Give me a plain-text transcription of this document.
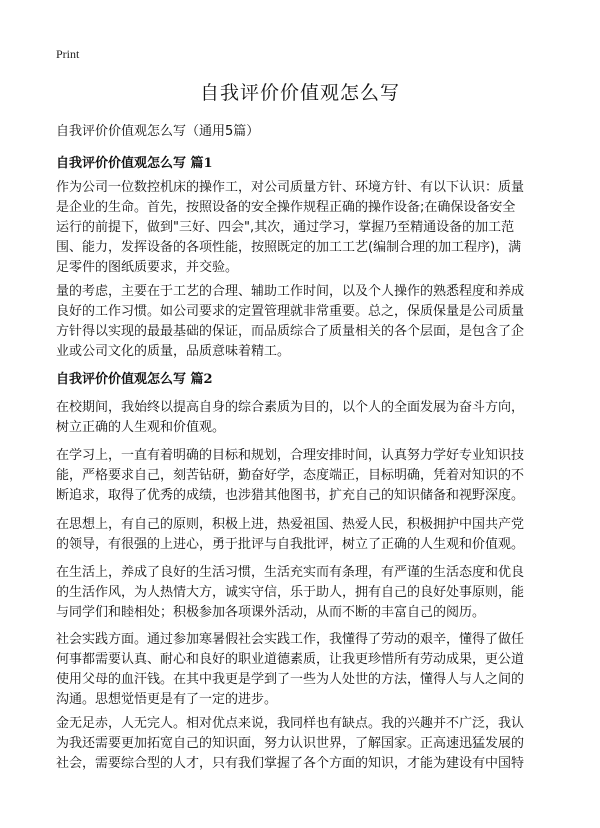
Print
自我评价价值观怎么写
自我评价价值观怎么写（通用5篇）
自我评价价值观怎么写 篇1
作为公司一位数控机床的操作工，对公司质量方针、环境方针、有以下认识：质量
是企业的生命。首先，按照设备的安全操作规程正确的操作设备;在确保设备安全
运行的前提下，做到"三好、四会",其次，通过学习，掌握乃至精通设备的加工范
围、能力，发挥设备的各项性能，按照既定的加工工艺(编制合理的加工程序)，满
足零件的图纸质要求，并交验。
量的考虑，主要在于工艺的合理、辅助工作时间，以及个人操作的熟悉程度和养成
良好的工作习惯。如公司要求的定置管理就非常重要。总之，保质保量是公司质量
方针得以实现的最最基础的保证，而品质综合了质量相关的各个层面，是包含了企
业或公司文化的质量，品质意味着精工。
自我评价价值观怎么写 篇2
在校期间，我始终以提高自身的综合素质为目的，以个人的全面发展为奋斗方向，
树立正确的人生观和价值观。
在学习上，一直有着明确的目标和规划，合理安排时间，认真努力学好专业知识技
能，严格要求自己，刻苦钻研，勤奋好学，态度端正，目标明确，凭着对知识的不
断追求，取得了优秀的成绩，也涉猎其他图书，扩充自己的知识储备和视野深度。
在思想上，有自己的原则，积极上进，热爱祖国、热爱人民，积极拥护中国共产党
的领导，有很强的上进心，勇于批评与自我批评，树立了正确的人生观和价值观。
在生活上，养成了良好的生活习惯，生活充实而有条理，有严谨的生活态度和优良
的生活作风，为人热情大方，诚实守信，乐于助人，拥有自己的良好处事原则，能
与同学们和睦相处；积极参加各项课外活动，从而不断的丰富自己的阅历。
社会实践方面。通过参加寒暑假社会实践工作，我懂得了劳动的艰辛，懂得了做任
何事都需要认真、耐心和良好的职业道德素质，让我更珍惜所有劳动成果，更公道
使用父母的血汗钱。在其中我更是学到了一些为人处世的方法，懂得人与人之间的
沟通。思想觉悟更是有了一定的进步。
金无足赤，人无完人。相对优点来说，我同样也有缺点。我的兴趣并不广泛，我认
为我还需要更加拓宽自己的知识面，努力认识世界，了解国家。正高速迅猛发展的
社会，需要综合型的人才，只有我们掌握了各个方面的知识，才能为建设有中国特
